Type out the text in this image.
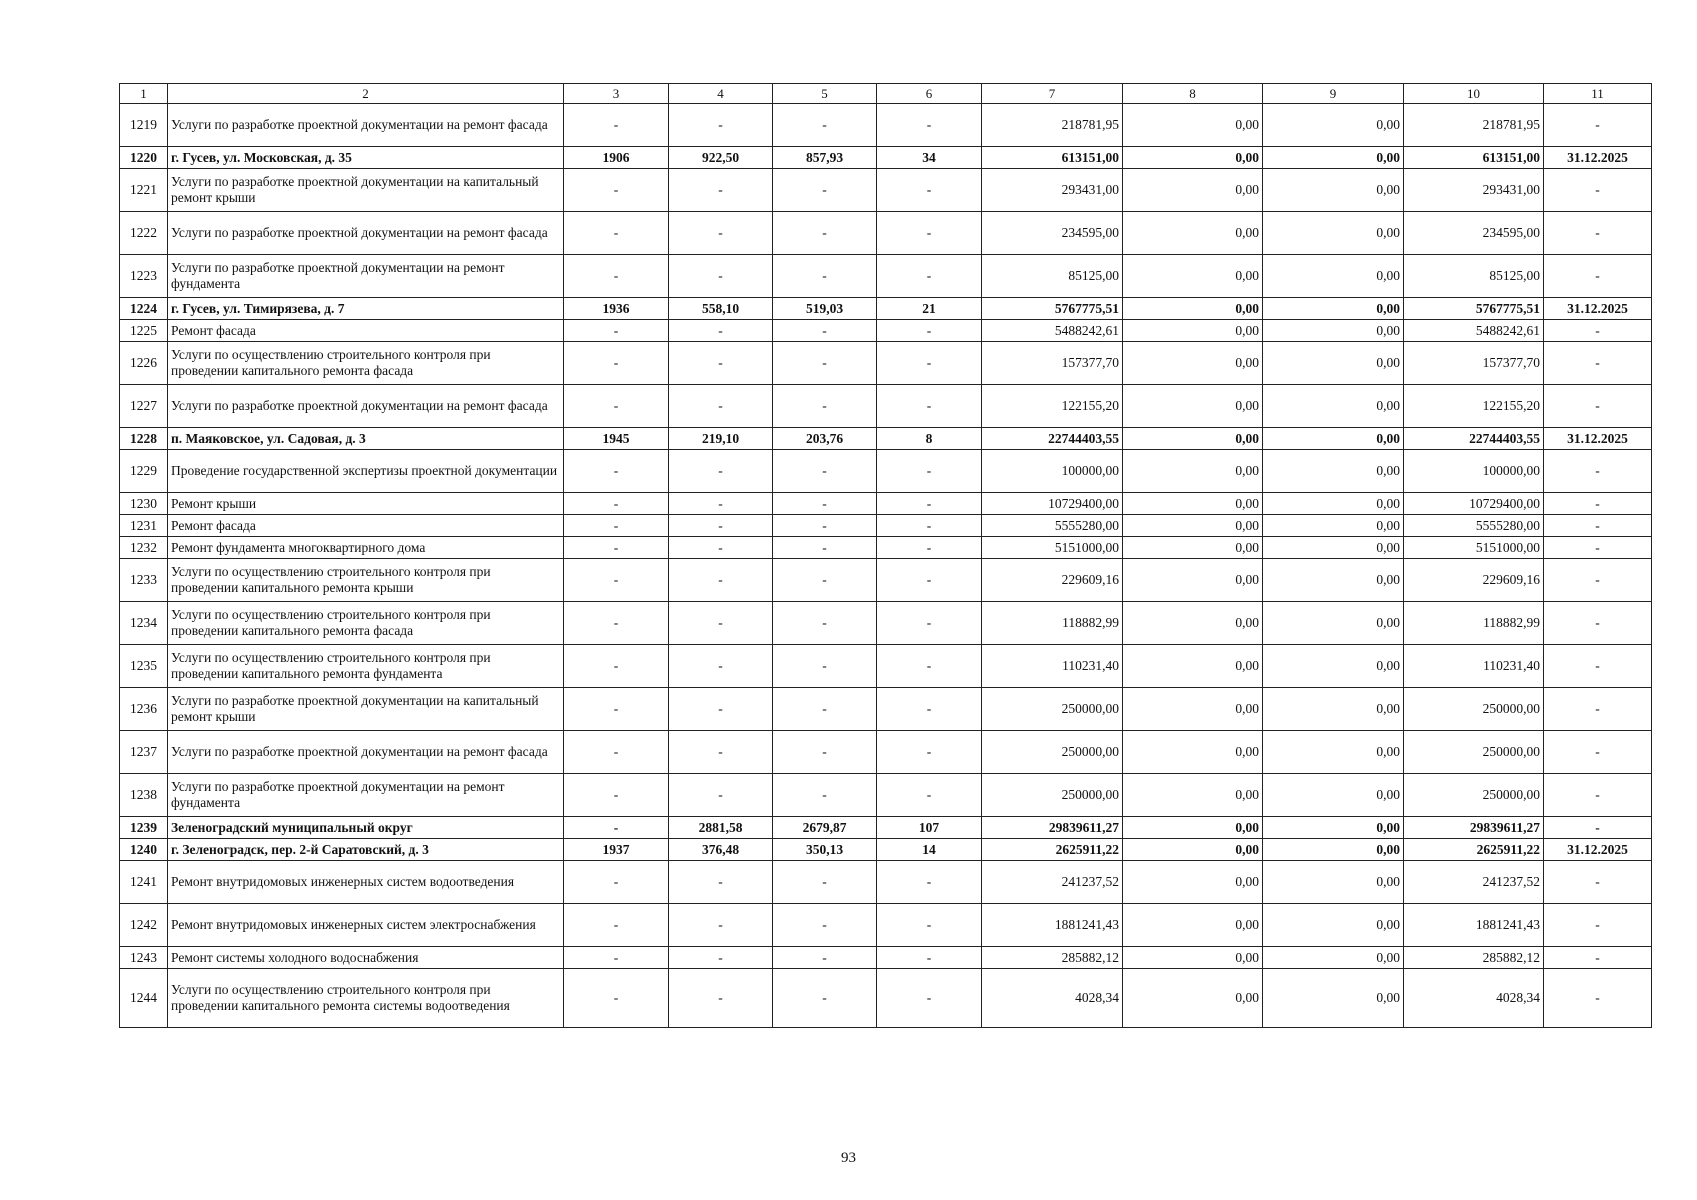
1	2	3	4	5	6	7	8	9	10	11
1219	Услуги по разработке проектной документации на ремонт фасада	-	-	-	-	218781,95	0,00	0,00	218781,95	-
1220	г. Гусев, ул. Московская, д. 35	1906	922,50	857,93	34	613151,00	0,00	0,00	613151,00	31.12.2025
1221	Услуги по разработке проектной документации на капитальный ремонт крыши	-	-	-	-	293431,00	0,00	0,00	293431,00	-
1222	Услуги по разработке проектной документации на ремонт фасада	-	-	-	-	234595,00	0,00	0,00	234595,00	-
1223	Услуги по разработке проектной документации на ремонт фундамента	-	-	-	-	85125,00	0,00	0,00	85125,00	-
1224	г. Гусев, ул. Тимирязева, д. 7	1936	558,10	519,03	21	5767775,51	0,00	0,00	5767775,51	31.12.2025
1225	Ремонт фасада	-	-	-	-	5488242,61	0,00	0,00	5488242,61	-
1226	Услуги по осуществлению строительного контроля при проведении капитального ремонта фасада	-	-	-	-	157377,70	0,00	0,00	157377,70	-
1227	Услуги по разработке проектной документации на ремонт фасада	-	-	-	-	122155,20	0,00	0,00	122155,20	-
1228	п. Маяковское, ул. Садовая, д. 3	1945	219,10	203,76	8	22744403,55	0,00	0,00	22744403,55	31.12.2025
1229	Проведение государственной экспертизы проектной документации	-	-	-	-	100000,00	0,00	0,00	100000,00	-
1230	Ремонт крыши	-	-	-	-	10729400,00	0,00	0,00	10729400,00	-
1231	Ремонт фасада	-	-	-	-	5555280,00	0,00	0,00	5555280,00	-
1232	Ремонт фундамента многоквартирного дома	-	-	-	-	5151000,00	0,00	0,00	5151000,00	-
1233	Услуги по осуществлению строительного контроля при проведении капитального ремонта крыши	-	-	-	-	229609,16	0,00	0,00	229609,16	-
1234	Услуги по осуществлению строительного контроля при проведении капитального ремонта фасада	-	-	-	-	118882,99	0,00	0,00	118882,99	-
1235	Услуги по осуществлению строительного контроля при проведении капитального ремонта фундамента	-	-	-	-	110231,40	0,00	0,00	110231,40	-
1236	Услуги по разработке проектной документации на капитальный ремонт крыши	-	-	-	-	250000,00	0,00	0,00	250000,00	-
1237	Услуги по разработке проектной документации на ремонт фасада	-	-	-	-	250000,00	0,00	0,00	250000,00	-
1238	Услуги по разработке проектной документации на ремонт фундамента	-	-	-	-	250000,00	0,00	0,00	250000,00	-
1239	Зеленоградский муниципальный округ	-	2881,58	2679,87	107	29839611,27	0,00	0,00	29839611,27	-
1240	г. Зеленоградск, пер. 2-й Саратовский, д. 3	1937	376,48	350,13	14	2625911,22	0,00	0,00	2625911,22	31.12.2025
1241	Ремонт внутридомовых инженерных систем водоотведения	-	-	-	-	241237,52	0,00	0,00	241237,52	-
1242	Ремонт внутридомовых инженерных систем электроснабжения	-	-	-	-	1881241,43	0,00	0,00	1881241,43	-
1243	Ремонт системы холодного водоснабжения	-	-	-	-	285882,12	0,00	0,00	285882,12	-
1244	Услуги по осуществлению строительного контроля при проведении капитального ремонта системы водоотведения	-	-	-	-	4028,34	0,00	0,00	4028,34	-
93
